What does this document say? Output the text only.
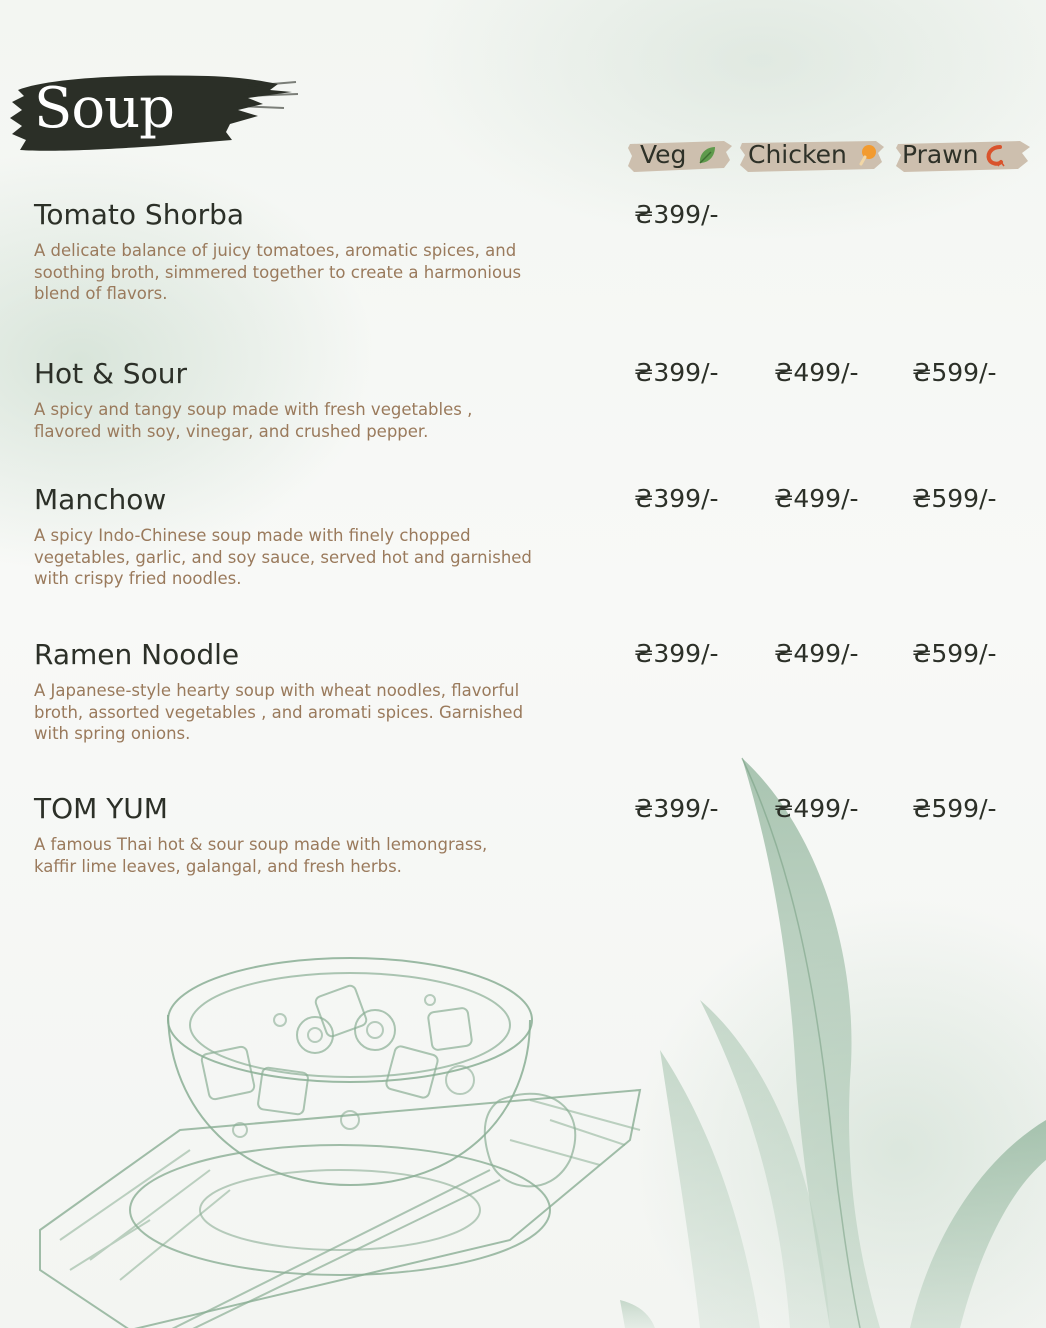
Soup
Veg Chicken Prawn
Tomato Shorba
A delicate balance of juicy tomatoes, aromatic spices, and soothing broth, simmered together to create a harmonious blend of flavors.
₴399/-
Hot & Sour
A spicy and tangy soup made with fresh vegetables , flavored with soy, vinegar, and crushed pepper.
₴399/- ₴499/- ₴599/-
Manchow
A spicy Indo-Chinese soup made with finely chopped vegetables, garlic, and soy sauce, served hot and garnished with crispy fried noodles.
₴399/- ₴499/- ₴599/-
Ramen Noodle
A Japanese-style hearty soup with wheat noodles, flavorful broth, assorted vegetables , and aromati spices. Garnished with spring onions.
₴399/- ₴499/- ₴599/-
TOM YUM
A famous Thai hot & sour soup made with lemongrass, kaffir lime leaves, galangal, and fresh herbs.
₴399/- ₴499/- ₴599/-
